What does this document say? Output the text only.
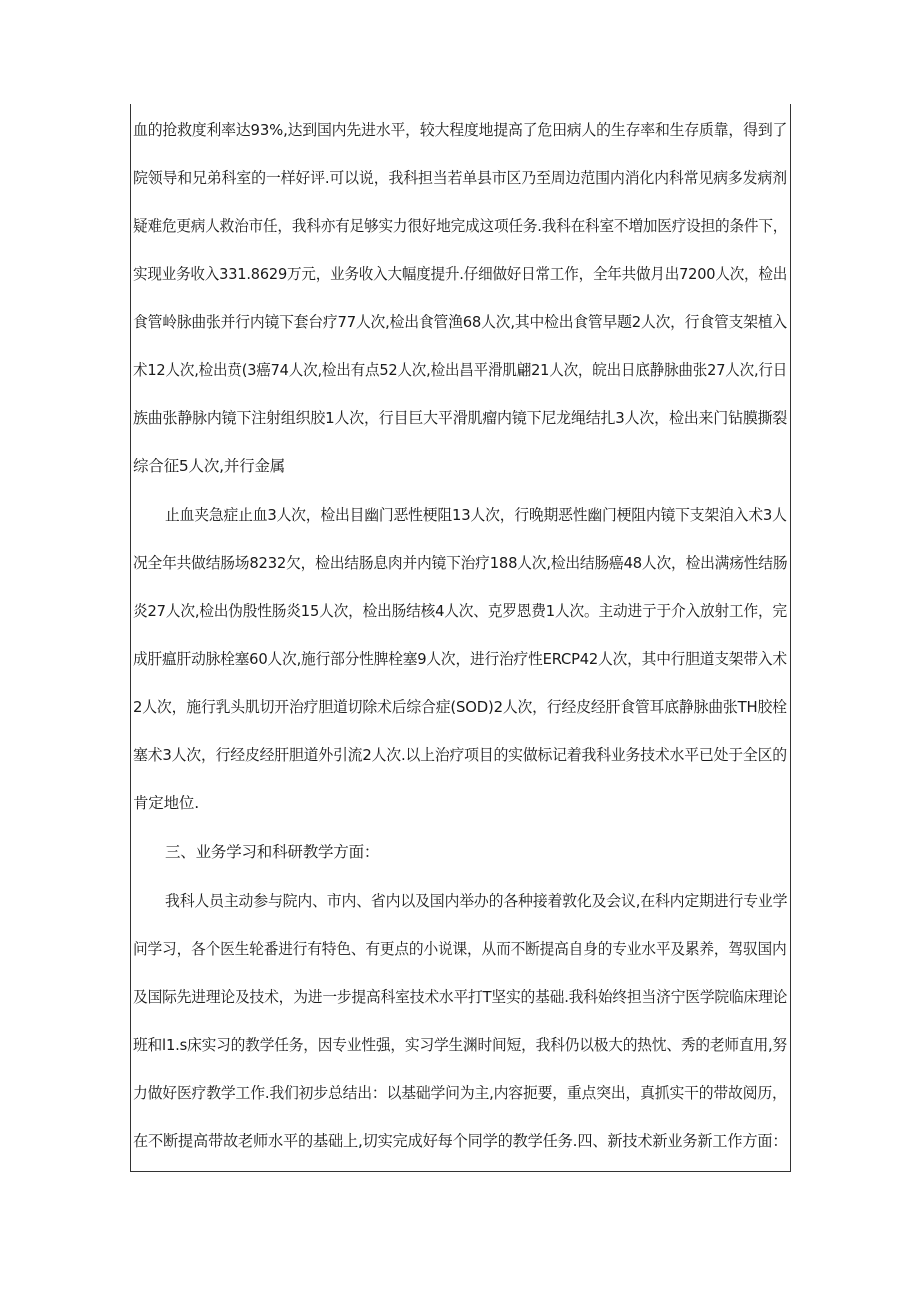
血的抢救度利率达93%,达到国内先进水平，较大程度地提高了危田病人的生存率和生存质靠，得到了
院领导和兄弟科室的一样好评.可以说，我科担当若单县市区乃至周边范围内消化内科常见病多发病剂
疑难危更病人救治市任，我科亦有足够实力很好地完成这项任务.我科在科室不増加医疗设担的条件下，
实现业务收入331.8629万元，业务收入大幅度提升.仔细做好日常工作，全年共做月出7200人次，检出
食管岭脉曲张并行内镜下套台疗77人次,检出食管渔68人次,其中检出食管早题2人次，行食管支架植入
术12人次,检出贲(3癌74人次,检出有点52人次,检出昌平滑肌翩21人次，皖出日底静脉曲张27人次,行日
族曲张静脉内镜下注射组织胶1人次，行目巨大平滑肌瘤内镜下尼龙绳结扎3人次，检出来门钻膜撕裂
综合征5人次,并行金属
止血夹急症止血3人次，检出目幽门恶性梗阻13人次，行晚期恶性幽门梗阻内镜下支架洎入术3人
况全年共做结肠场8232欠，检出结肠息肉并内镜下治疗188人次,检出结肠癌48人次，检出满疡性结肠
炎27人次,检出伪殷性肠炎15人次，检出肠结核4人次、克罗恩费1人次。主动进亍于介入放射工作，完
成肝瘟肝动脉栓塞60人次,施行部分性脾栓塞9人次，进行治疗性ERCP42人次，其中行胆道支架带入术
2人次，施行乳头肌切开治疗胆道切除术后综合症(SOD)2人次，行经皮经肝食管耳底静脉曲张TH胶栓
塞术3人次，行经皮经肝胆道外引流2人次.以上治疗项目的实做标记着我科业务技术水平已处于全区的
肯定地位.
三、业务学习和科研教学方面：
我科人员主动参与院内、市内、省内以及国内举办的各种接着敦化及会议,在科内定期进行专业学
问学习，各个医生轮番进行有特色、有更点的小说课，从而不断提高自身的专业水平及累养，驾驭国内
及国际先进理论及技术，为进一步提高科室技术水平打T坚实的基础.我科始终担当济宁医学院临床理论
班和l1.s床实习的教学任务，因专业性强，实习学生渊时间短，我科仍以极大的热忱、秀的老师直用,努
力做好医疗教学工作.我们初步总结出：以基础学问为主,内容扼要，重点突出，真抓实干的带故阅历，
在不断提高带故老师水平的基础上,切实完成好每个同学的教学任务.四、新技术新业务新工作方面：
